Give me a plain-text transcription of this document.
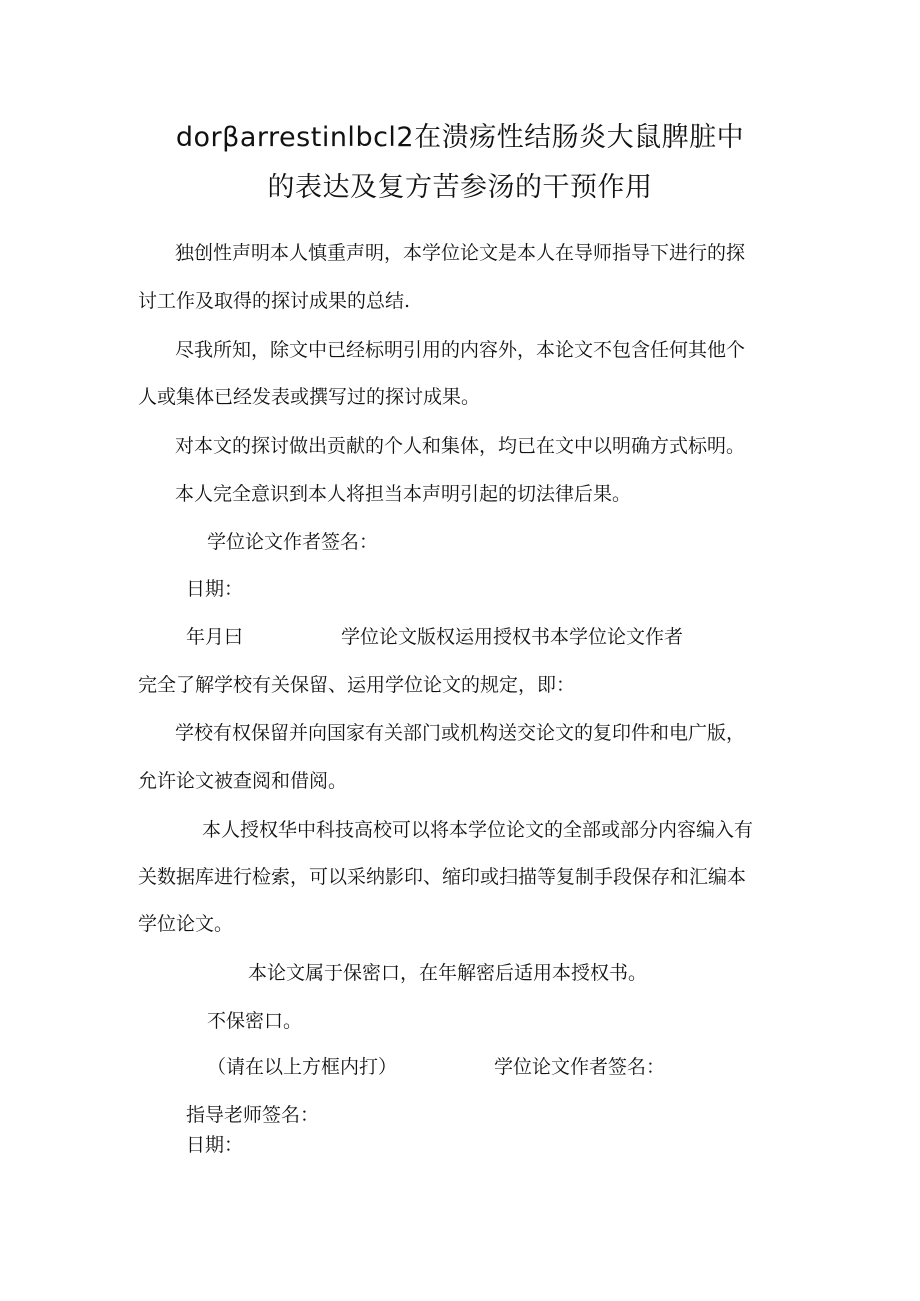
dorβarrestinlbcl2在溃疡性结肠炎大鼠脾脏中
的表达及复方苦参汤的干预作用
独创性声明本人慎重声明，本学位论文是本人在导师指导下进行的探
讨工作及取得的探讨成果的总结.
尽我所知，除文中已经标明引用的内容外，本论文不包含任何其他个
人或集体已经发表或撰写过的探讨成果。
对本文的探讨做出贡献的个人和集体，均已在文中以明确方式标明。
本人完全意识到本人将担当本声明引起的切法律后果。
学位论文作者签名：
日期：
年月曰	学位论文版权运用授权书本学位论文作者
完全了解学校有关保留、运用学位论文的规定，即：
学校有权保留并向国家有关部门或机构送交论文的复印件和电广版，
允许论文被查阅和借阅。
本人授权华中科技高校可以将本学位论文的全部或部分内容编入有
关数据库进行检索，可以采纳影印、缩印或扫描等复制手段保存和汇编本
学位论文。
本论文属于保密口，在年解密后适用本授权书。
不保密口。
（请在以上方框内打）	学位论文作者签名：
指导老师签名：
日期：
